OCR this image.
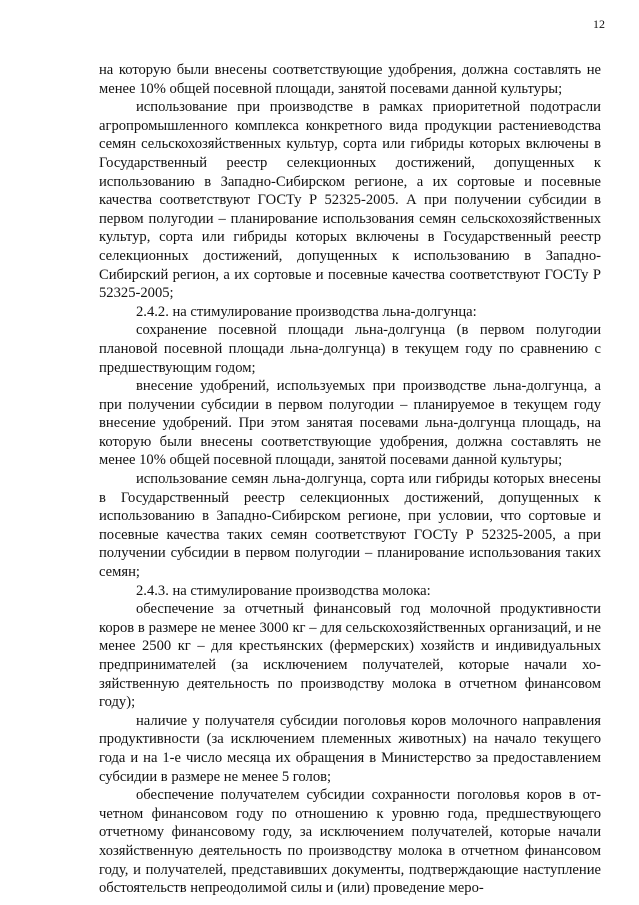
12

на которую были внесены соответствующие удобрения, должна составлять не менее 10% общей посевной площади, занятой посевами данной культуры;

использование при производстве в рамках приоритетной подотрасли агропромышленного комплекса конкретного вида продукции растениеводства семян сельскохозяйственных культур, сорта или гибриды которых включены в Государственный реестр селекционных достижений, допущенных к использованию в Западно-Сибирском регионе, а их сортовые и посевные качества соответствуют ГОСТу Р 52325-2005. А при получении субсидии в первом полугодии – планирование использования семян сельскохозяйственных культур, сорта или гибриды которых включены в Государственный реестр селекционных достижений, допущенных к использованию в Западно-Сибирский регион, а их сортовые и посевные качества соответствуют ГОСТу Р 52325-2005;

2.4.2. на стимулирование производства льна-долгунца:

сохранение посевной площади льна-долгунца (в первом полугодии плановой посевной площади льна-долгунца) в текущем году по сравнению с предшествующим годом;

внесение удобрений, используемых при производстве льна-долгунца, а при получении субсидии в первом полугодии – планируемое в текущем году внесение удобрений. При этом занятая посевами льна-долгунца площадь, на которую были внесены соответствующие удобрения, должна составлять не менее 10% общей посевной площади, занятой посевами данной культуры;

использование семян льна-долгунца, сорта или гибриды которых внесены в Государственный реестр селекционных достижений, допущенных к использованию в Западно-Сибирском регионе, при условии, что сортовые и посевные качества таких семян соответствуют ГОСТу Р 52325-2005, а при получении субсидии в первом полугодии – планирование использования таких семян;

2.4.3. на стимулирование производства молока:

обеспечение за отчетный финансовый год молочной продуктивности коров в размере не менее 3000 кг – для сельскохозяйственных организаций, и не менее 2500 кг – для крестьянских (фермерских) хозяйств и индивидуальных предпринимателей (за исключением получателей, которые начали хозяйственную деятельность по производству молока в отчетном финансовом году);

наличие у получателя субсидии поголовья коров молочного направления продуктивности (за исключением племенных животных) на начало текущего года и на 1-е число месяца их обращения в Министерство за предоставлением субсидии в размере не менее 5 голов;

обеспечение получателем субсидии сохранности поголовья коров в отчетном финансовом году по отношению к уровню года, предшествующего отчетному финансовому году, за исключением получателей, которые начали хозяйственную деятельность по производству молока в отчетном финансовом году, и получателей, представивших документы, подтверждающие наступление обстоятельств непреодолимой силы и (или) проведение меро-
